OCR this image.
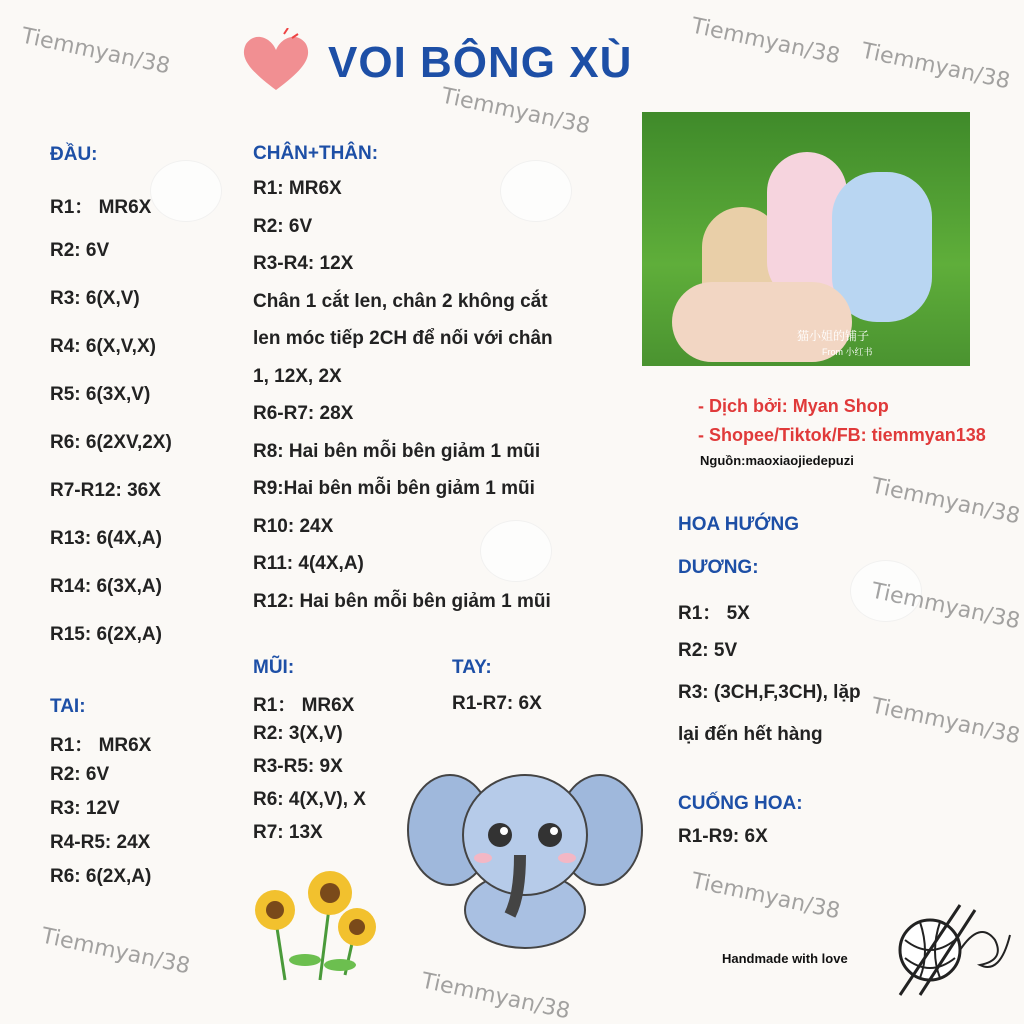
Tiemmyan/38	Tiemmyan/38 Tiemmyan/38
Tiemmyan/38
Tiemmyan/38
Tiemmyan/38
Tiemmyan/38
Tiemmyan/38
Tiemmyan/38
Tiemmyan/38
VOI BÔNG XÙ
ĐẦU:
R1： MR6X
R2: 6V
R3: 6(X,V)
R4: 6(X,V,X)
R5: 6(3X,V)
R6: 6(2XV,2X)
R7-R12: 36X
R13: 6(4X,A)
R14: 6(3X,A)
R15: 6(2X,A)
TAI:
R1： MR6X
R2: 6V
R3: 12V
R4-R5: 24X
R6: 6(2X,A)
CHÂN+THÂN:
R1: MR6X
R2: 6V
R3-R4: 12X
Chân 1 cắt len, chân 2 không cắt
len móc tiếp 2CH để nối với chân
1, 12X, 2X
R6-R7: 28X
R8: Hai bên mỗi bên giảm 1 mũi
R9:Hai bên mỗi bên giảm 1 mũi
R10: 24X
R11: 4(4X,A)
R12: Hai bên mỗi bên giảm 1 mũi
MŨI:
R1： MR6X
R2: 3(X,V)
R3-R5: 9X
R6: 4(X,V), X
R7: 13X
TAY:
R1-R7: 6X
猫小姐的铺子
From 小红书
- Dịch bởi: Myan Shop
- Shopee/Tiktok/FB: tiemmyan138
Nguồn:maoxiaojiedepuzi
HOA HƯỚNG
DƯƠNG:
R1： 5X
R2: 5V
R3: (3CH,F,3CH), lặp
lại đến hết hàng
CUỐNG HOA:
R1-R9: 6X
Handmade with love
